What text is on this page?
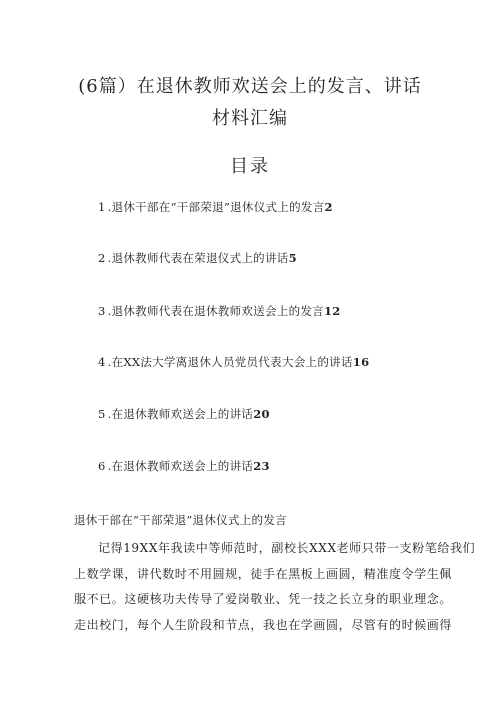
(6篇）在退休教师欢送会上的发言、讲话
材料汇编
目录
1 .退休干部在“干部荣退”退休仪式上的发言2
2 .退休教师代表在荣退仪式上的讲话5
3 .退休教师代表在退休教师欢送会上的发言12
4 .在XX法大学离退休人员党员代表大会上的讲话16
5 .在退休教师欢送会上的讲话20
6 .在退休教师欢送会上的讲话23
退休干部在“干部荣退”退休仪式上的发言
记得19XX年我读中等师范时，副校长XXX老师只带一支粉笔给我们
上数学课，讲代数时不用圆规，徒手在黑板上画圆，精准度令学生佩
服不已。这硬核功夫传导了爱岗敬业、凭一技之长立身的职业理念。
走出校门，每个人生阶段和节点，我也在学画圆，尽管有的时候画得
